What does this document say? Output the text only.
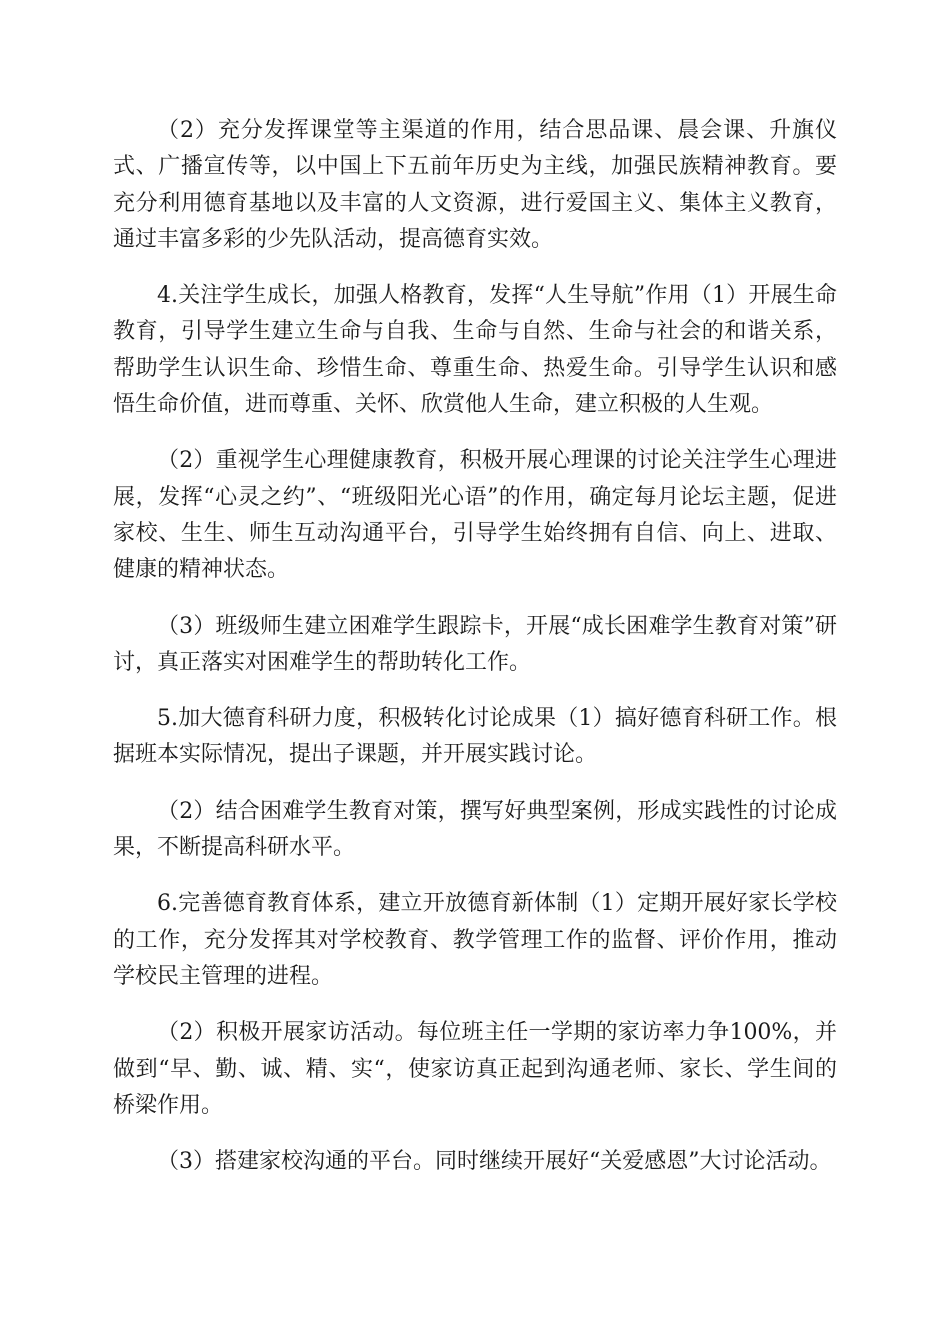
（2）充分发挥课堂等主渠道的作用，结合思品课、晨会课、升旗仪式、广播宣传等，以中国上下五前年历史为主线，加强民族精神教育。要充分利用德育基地以及丰富的人文资源，进行爱国主义、集体主义教育，通过丰富多彩的少先队活动，提高德育实效。

4.关注学生成长，加强人格教育，发挥“人生导航”作用（1）开展生命教育，引导学生建立生命与自我、生命与自然、生命与社会的和谐关系，帮助学生认识生命、珍惜生命、尊重生命、热爱生命。引导学生认识和感悟生命价值，进而尊重、关怀、欣赏他人生命，建立积极的人生观。

（2）重视学生心理健康教育，积极开展心理课的讨论关注学生心理进展，发挥“心灵之约”、“班级阳光心语”的作用，确定每月论坛主题，促进家校、生生、师生互动沟通平台，引导学生始终拥有自信、向上、进取、健康的精神状态。

（3）班级师生建立困难学生跟踪卡，开展“成长困难学生教育对策”研讨，真正落实对困难学生的帮助转化工作。

5.加大德育科研力度，积极转化讨论成果（1）搞好德育科研工作。根据班本实际情况，提出子课题，并开展实践讨论。

（2）结合困难学生教育对策，撰写好典型案例，形成实践性的讨论成果，不断提高科研水平。

6.完善德育教育体系，建立开放德育新体制（1）定期开展好家长学校的工作，充分发挥其对学校教育、教学管理工作的监督、评价作用，推动学校民主管理的进程。

（2）积极开展家访活动。每位班主任一学期的家访率力争100%，并做到“早、勤、诚、精、实“，使家访真正起到沟通老师、家长、学生间的桥梁作用。

（3）搭建家校沟通的平台。同时继续开展好“关爱感恩”大讨论活动。
